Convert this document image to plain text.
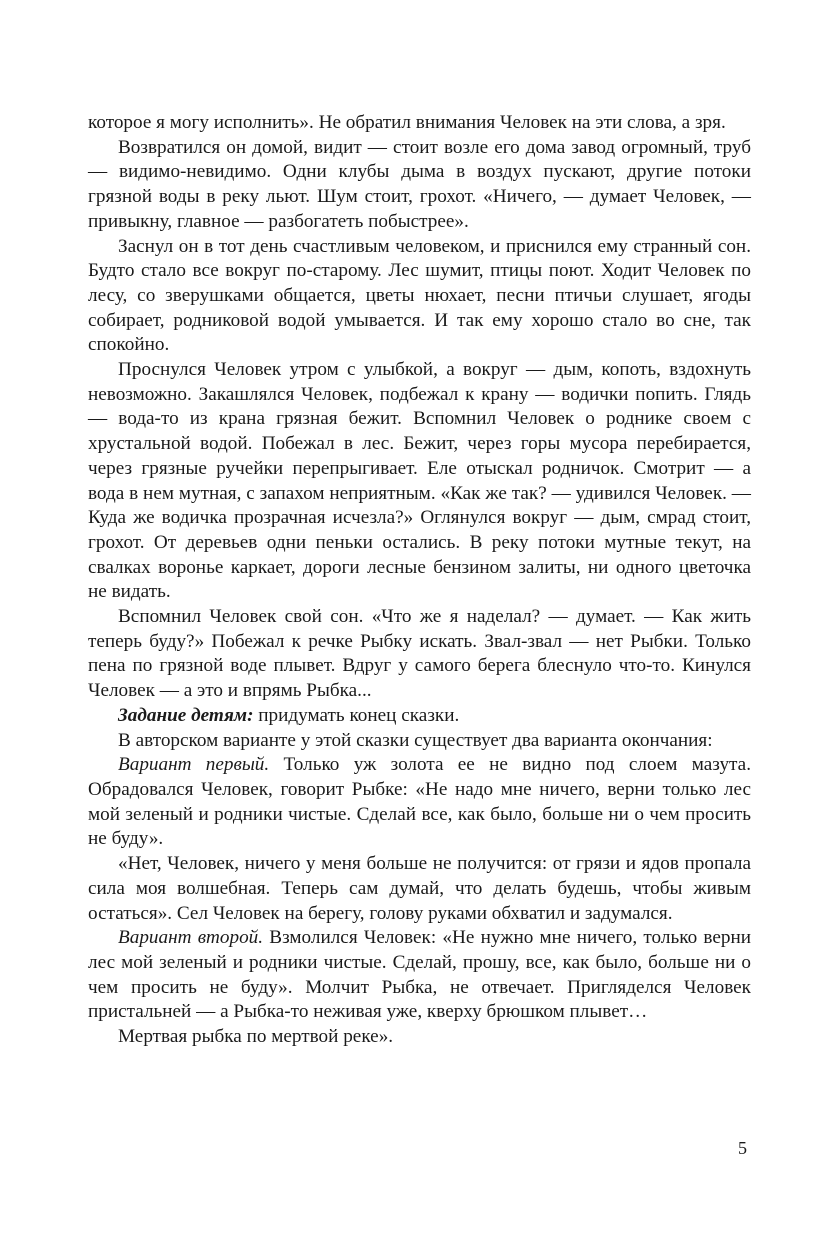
которое я могу исполнить». Не обратил внимания Человек на эти слова, а зря.

Возвратился он домой, видит — стоит возле его дома завод огромный, труб — видимо-невидимо. Одни клубы дыма в воздух пускают, другие потоки грязной воды в реку льют. Шум стоит, грохот. «Ничего, — думает Человек, — привыкну, главное — разбогатеть побыстрее».

Заснул он в тот день счастливым человеком, и приснился ему странный сон. Будто стало все вокруг по-старому. Лес шумит, птицы поют. Ходит Человек по лесу, со зверушками общается, цветы нюхает, песни птичьи слушает, ягоды собирает, родниковой водой умывается. И так ему хорошо стало во сне, так спокойно.

Проснулся Человек утром с улыбкой, а вокруг — дым, копоть, вздохнуть невозможно. Закашлялся Человек, подбежал к крану — водички попить. Глядь — вода-то из крана грязная бежит. Вспомнил Человек о роднике своем с хрустальной водой. Побежал в лес. Бежит, через горы мусора перебирается, через грязные ручейки перепрыгивает. Еле отыскал родничок. Смотрит — а вода в нем мутная, с запахом неприятным. «Как же так? — удивился Человек. — Куда же водичка прозрачная исчезла?» Оглянулся вокруг — дым, смрад стоит, грохот. От деревьев одни пеньки остались. В реку потоки мутные текут, на свалках воронье каркает, дороги лесные бензином залиты, ни одного цветочка не видать.

Вспомнил Человек свой сон. «Что же я наделал? — думает. — Как жить теперь буду?» Побежал к речке Рыбку искать. Звал-звал — нет Рыбки. Только пена по грязной воде плывет. Вдруг у самого берега блеснуло что-то. Кинулся Человек — а это и впрямь Рыбка...

Задание детям: придумать конец сказки.

В авторском варианте у этой сказки существует два варианта окончания:

Вариант первый. Только уж золота ее не видно под слоем мазута. Обрадовался Человек, говорит Рыбке: «Не надо мне ничего, верни только лес мой зеленый и родники чистые. Сделай все, как было, больше ни о чем просить не буду».

«Нет, Человек, ничего у меня больше не получится: от грязи и ядов пропала сила моя волшебная. Теперь сам думай, что делать будешь, чтобы живым остаться». Сел Человек на берегу, голову руками обхватил и задумался.

Вариант второй. Взмолился Человек: «Не нужно мне ничего, только верни лес мой зеленый и родники чистые. Сделай, прошу, все, как было, больше ни о чем просить не буду». Молчит Рыбка, не отвечает. Пригляделся Человек пристальней — а Рыбка-то неживая уже, кверху брюшком плывет…

Мертвая рыбка по мертвой реке».

5
